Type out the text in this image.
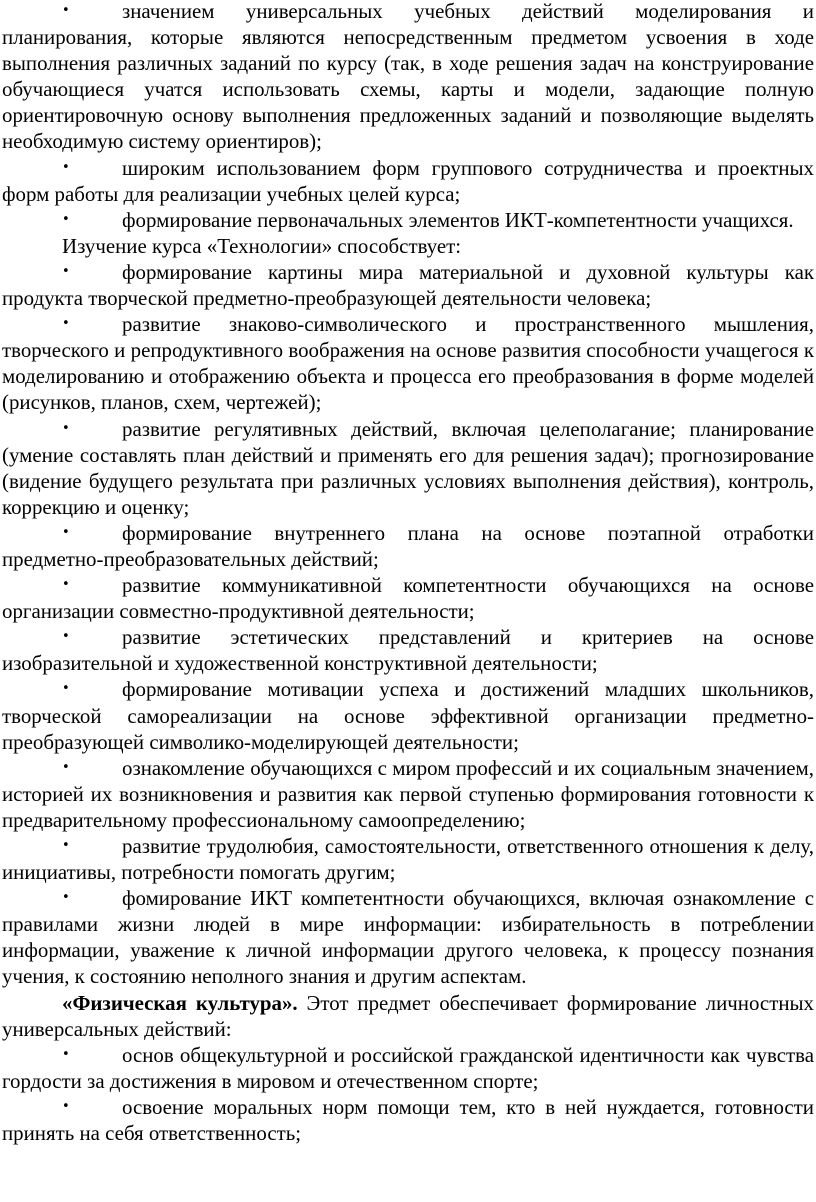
•	значением универсальных учебных действий моделирования и планирования, которые являются непосредственным предметом усвоения в ходе выполнения различных заданий по курсу (так, в ходе решения задач на конструирование обучающиеся учатся использовать схемы, карты и модели, задающие полную ориентировочную основу выполнения предложенных заданий и позволяющие выделять необходимую систему ориентиров);

•	широким использованием форм группового сотрудничества и проектных форм работы для реализации учебных целей курса;

•	формирование первоначальных элементов ИКТ-компетентности учащихся.

Изучение курса «Технологии» способствует:

•	формирование картины мира материальной и духовной культуры как продукта творческой предметно-преобразующей деятельности человека;

•	развитие знаково-символического и пространственного мышления, творческого и репродуктивного воображения на основе развития способности учащегося к моделированию и отображению объекта и процесса его преобразования в форме моделей (рисунков, планов, схем, чертежей);

•	развитие регулятивных действий, включая целеполагание; планирование (умение составлять план действий и применять его для решения задач); прогнозирование (видение будущего результата при различных условиях выполнения действия), контроль, коррекцию и оценку;

•	формирование внутреннего плана на основе поэтапной отработки предметно-преобразовательных действий;

•	развитие коммуникативной компетентности обучающихся на основе организации совместно-продуктивной деятельности;

•	развитие эстетических представлений и критериев на основе изобразительной и художественной конструктивной деятельности;

•	формирование мотивации успеха и достижений младших школьников, творческой самореализации на основе эффективной организации предметно-преобразующей символико-моделирующей деятельности;

•	ознакомление обучающихся с миром профессий и их социальным значением, историей их возникновения и развития как первой ступенью формирования готовности к предварительному профессиональному самоопределению;

•	развитие трудолюбия, самостоятельности, ответственного отношения к делу, инициативы, потребности помогать другим;

•	фомирование ИКТ компетентности обучающихся, включая ознакомление с правилами жизни людей в мире информации: избирательность в потреблении информации, уважение к личной информации другого человека, к процессу познания учения, к состоянию неполного знания и другим аспектам.

«Физическая культура». Этот предмет обеспечивает формирование личностных универсальных действий:

•	основ общекультурной и российской гражданской идентичности как чувства гордости за достижения в мировом и отечественном спорте;

•	освоение моральных норм помощи тем, кто в ней нуждается, готовности принять на себя ответственность;
